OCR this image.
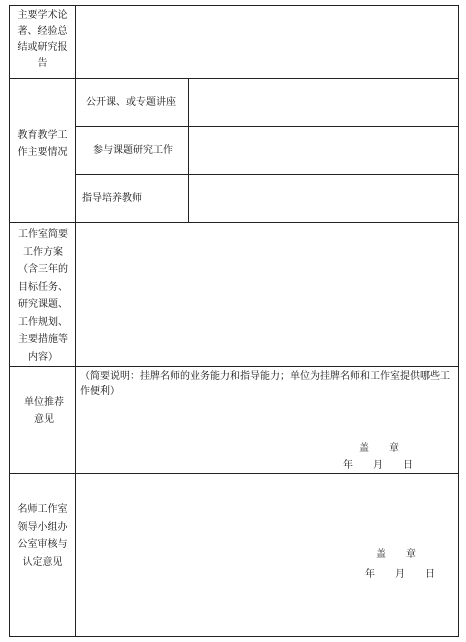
主要学术论著、经验总结或研究报告
教育教学工作主要情况
公开课、或专题讲座
参与课题研究工作
指导培养教师
工作室简要工作方案（含三年的目标任务、研究课题、工作规划、主要措施等内容）
单位推荐意见
（简要说明：挂牌名师的业务能力和指导能力；单位为挂牌名师和工作室提供哪些工作便利）
盖　　章
年　　月　　日
名师工作室领导小组办公室审核与认定意见
盖　　章
年　　月　　日
